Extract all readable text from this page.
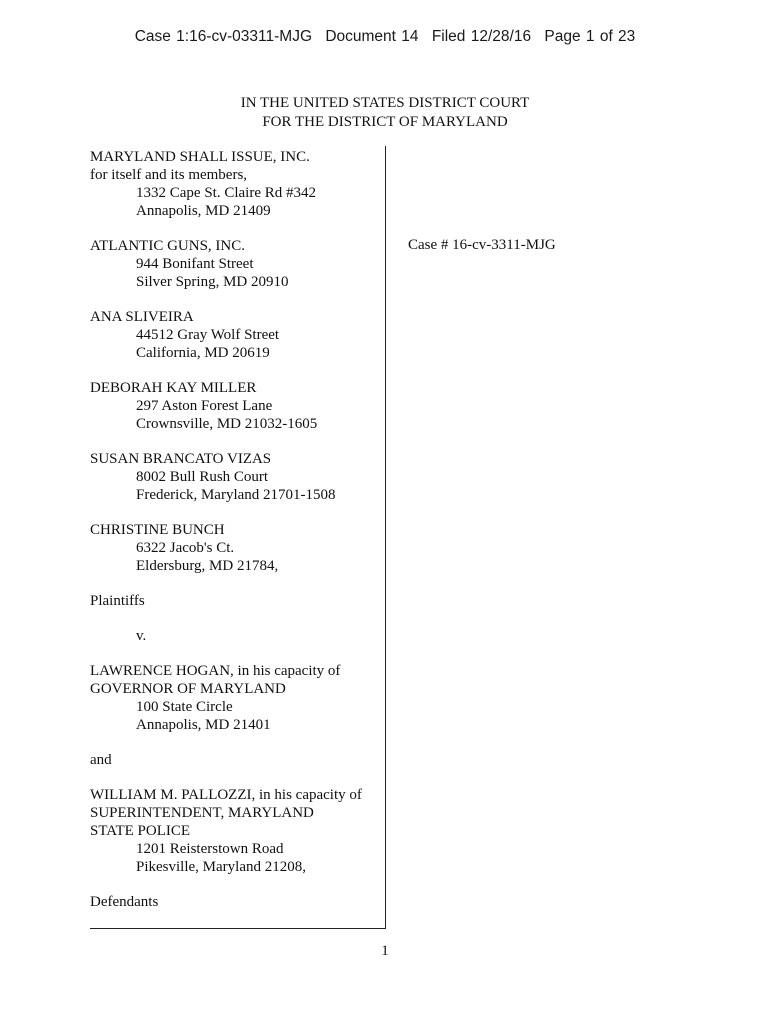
Case 1:16-cv-03311-MJG Document 14 Filed 12/28/16 Page 1 of 23
IN THE UNITED STATES DISTRICT COURT
FOR THE DISTRICT OF MARYLAND
MARYLAND SHALL ISSUE, INC.
for itself and its members,
1332 Cape St. Claire Rd #342
Annapolis, MD 21409
ATLANTIC GUNS, INC.
944 Bonifant Street
Silver Spring, MD 20910
ANA SLIVEIRA
44512 Gray Wolf Street
California, MD 20619
DEBORAH KAY MILLER
297 Aston Forest Lane
Crownsville, MD 21032-1605
SUSAN BRANCATO VIZAS
8002 Bull Rush Court
Frederick, Maryland 21701-1508
CHRISTINE BUNCH
6322 Jacob's Ct.
Eldersburg, MD 21784,
Plaintiffs
v.
LAWRENCE HOGAN, in his capacity of
GOVERNOR OF MARYLAND
100 State Circle
Annapolis, MD 21401
and
WILLIAM M. PALLOZZI, in his capacity of
SUPERINTENDENT, MARYLAND
STATE POLICE
1201 Reisterstown Road
Pikesville, Maryland 21208,
Defendants
Case # 16-cv-3311-MJG
1
